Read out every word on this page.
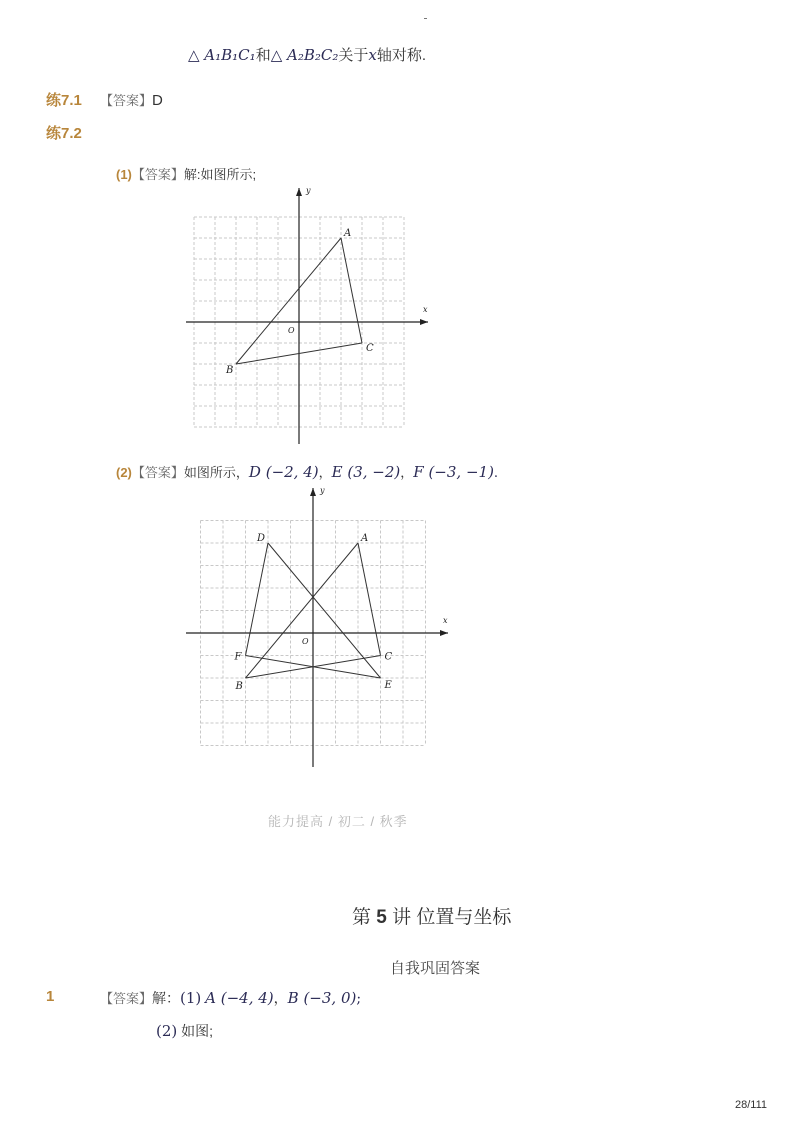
△ A₁B₁C₁和△ A₂B₂C₂关于x轴对称.
练7.1 【答案】D
练7.2
(1)【答案】解:如图所示;
x
y
O
A
B
C
(2)【答案】如图所示，D (−2, 4)，E (3, −2)，F (−3, −1).
x
y
O
A
B
C
D
E
F
能力提高 / 初二 / 秋季
第 5 讲 位置与坐标
自我巩固答案
1	【答案】解：(1) A (−4, 4)，B (−3, 0);
(2) 如图;
28/111
